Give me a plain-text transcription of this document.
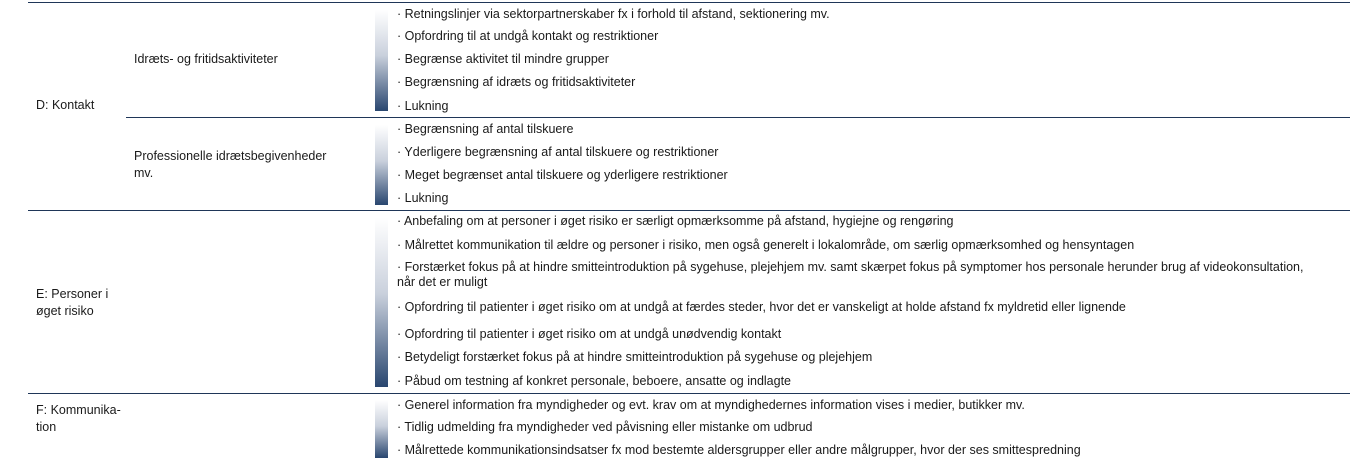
D: Kontakt
Idræts- og fritidsaktiviteter
· Retningslinjer via sektorpartnerskaber fx i forhold til afstand, sektionering mv.
· Opfordring til at undgå kontakt og restriktioner
· Begrænse aktivitet til mindre grupper
· Begrænsning af idræts og fritidsaktiviteter
· Lukning
Professionelle idrætsbegivenheder mv.
· Begrænsning af antal tilskuere
· Yderligere begrænsning af antal tilskuere og restriktioner
· Meget begrænset antal tilskuere og yderligere restriktioner
· Lukning
E: Personer i øget risiko
· Anbefaling om at personer i øget risiko er særligt opmærksomme på afstand, hygiejne og rengøring
· Målrettet kommunikation til ældre og personer i risiko, men også generelt i lokalområde, om særlig opmærksomhed og hensyntagen
· Forstærket fokus på at hindre smitteintroduktion på sygehuse, plejehjem mv. samt skærpet fokus på symptomer hos personale herunder brug af videokonsultation, når det er muligt
· Opfordring til patienter i øget risiko om at undgå at færdes steder, hvor det er vanskeligt at holde afstand fx myldretid eller lignende
· Opfordring til patienter i øget risiko om at undgå unødvendig kontakt
· Betydeligt forstærket fokus på at hindre smitteintroduktion på sygehuse og plejehjem
· Påbud om testning af konkret personale, beboere, ansatte og indlagte
F: Kommunika-tion
· Generel information fra myndigheder og evt. krav om at myndighedernes information vises i medier, butikker mv.
· Tidlig udmelding fra myndigheder ved påvisning eller mistanke om udbrud
· Målrettede kommunikationsindsatser fx mod bestemte aldersgrupper eller andre målgrupper, hvor der ses smittespredning
